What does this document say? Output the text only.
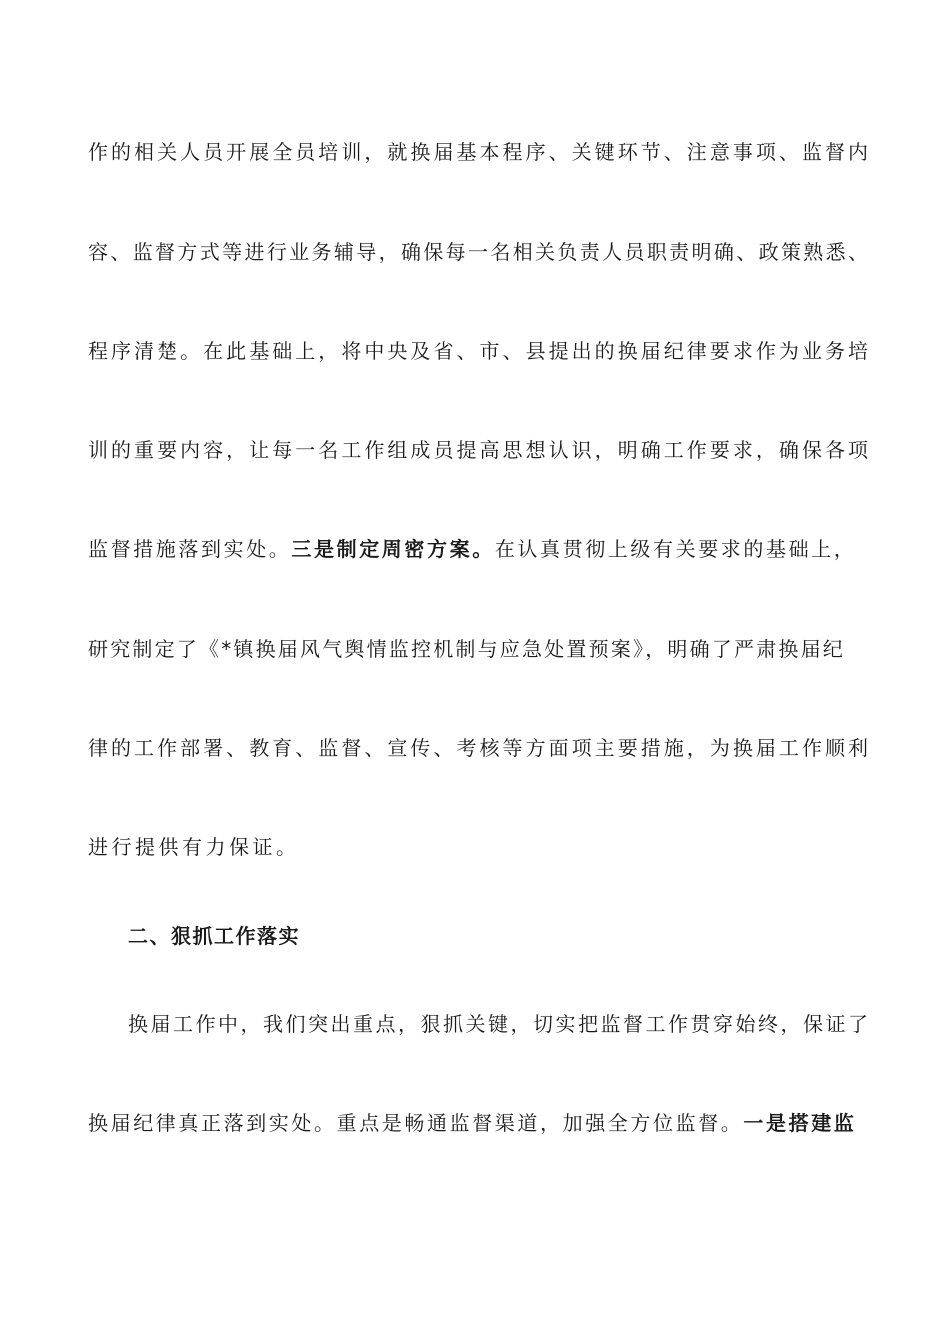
作的相关人员开展全员培训，就换届基本程序、关键环节、注意事项、监督内
容、监督方式等进行业务辅导，确保每一名相关负责人员职责明确、政策熟悉、
程序清楚。在此基础上，将中央及省、市、县提出的换届纪律要求作为业务培
训的重要内容，让每一名工作组成员提高思想认识，明确工作要求，确保各项
监督措施落到实处。三是制定周密方案。在认真贯彻上级有关要求的基础上，
研究制定了《*镇换届风气舆情监控机制与应急处置预案》，明确了严肃换届纪
律的工作部署、教育、监督、宣传、考核等方面项主要措施，为换届工作顺利
进行提供有力保证。
二、狠抓工作落实
换届工作中，我们突出重点，狠抓关键，切实把监督工作贯穿始终，保证了
换届纪律真正落到实处。重点是畅通监督渠道，加强全方位监督。一是搭建监
